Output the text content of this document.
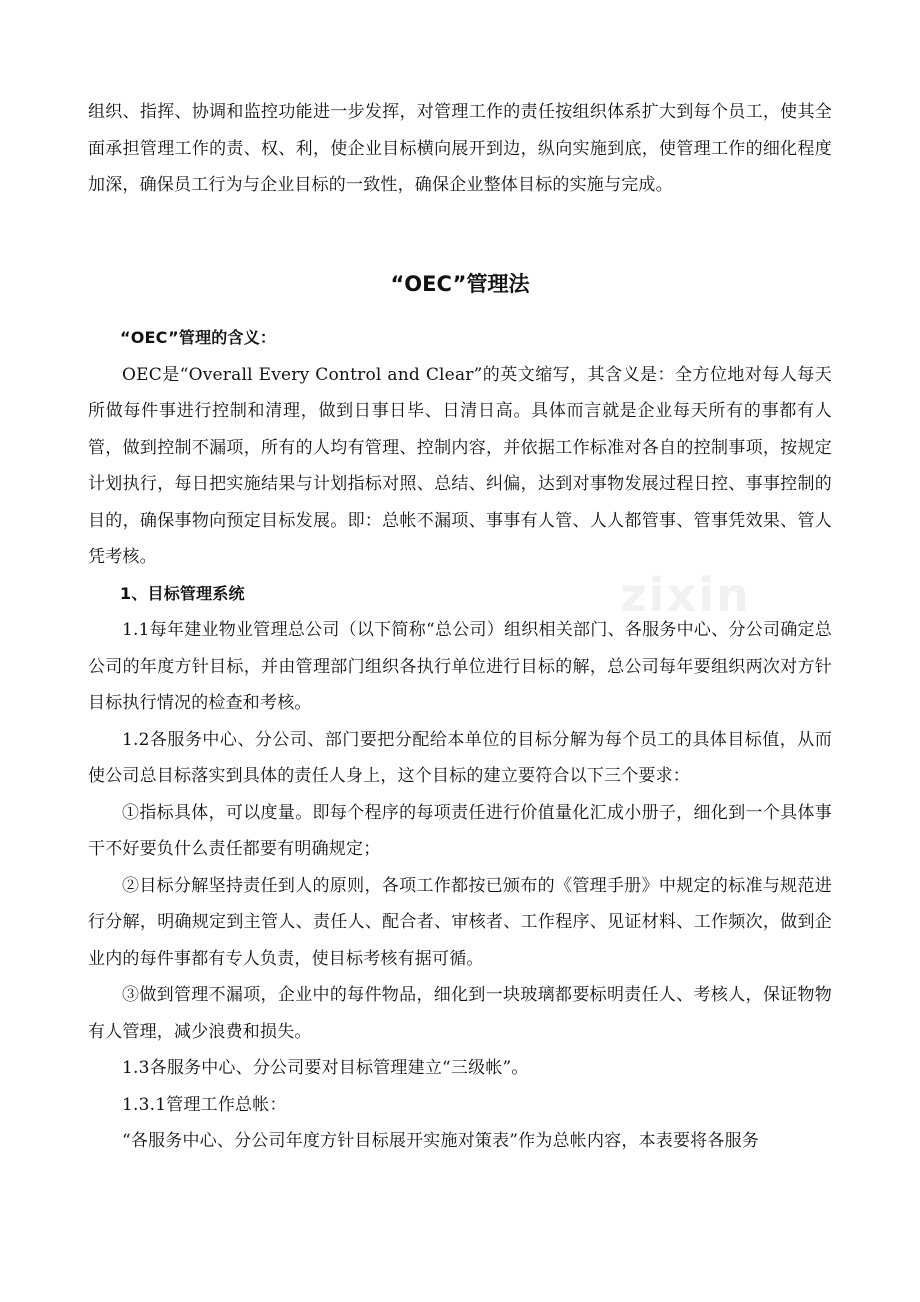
组织、指挥、协调和监控功能进一步发挥，对管理工作的责任按组织体系扩大到每个员工，使其全面承担管理工作的责、权、利，使企业目标横向展开到边，纵向实施到底，使管理工作的细化程度加深，确保员工行为与企业目标的一致性，确保企业整体目标的实施与完成。

“OEC”管理法

“OEC”管理的含义：

OEC是“Overall Every Control and Clear”的英文缩写，其含义是：全方位地对每人每天所做每件事进行控制和清理，做到日事日毕、日清日高。具体而言就是企业每天所有的事都有人管，做到控制不漏项，所有的人均有管理、控制内容，并依据工作标准对各自的控制事项，按规定计划执行，每日把实施结果与计划指标对照、总结、纠偏，达到对事物发展过程日控、事事控制的目的，确保事物向预定目标发展。即：总帐不漏项、事事有人管、人人都管事、管事凭效果、管人凭考核。

1、目标管理系统

1.1每年建业物业管理总公司（以下简称“总公司）组织相关部门、各服务中心、分公司确定总公司的年度方针目标，并由管理部门组织各执行单位进行目标的解，总公司每年要组织两次对方针目标执行情况的检查和考核。

1.2各服务中心、分公司、部门要把分配给本单位的目标分解为每个员工的具体目标值，从而使公司总目标落实到具体的责任人身上，这个目标的建立要符合以下三个要求：

①指标具体，可以度量。即每个程序的每项责任进行价值量化汇成小册子，细化到一个具体事干不好要负什么责任都要有明确规定；

②目标分解坚持责任到人的原则，各项工作都按已颁布的《管理手册》中规定的标准与规范进行分解，明确规定到主管人、责任人、配合者、审核者、工作程序、见证材料、工作频次，做到企业内的每件事都有专人负责，使目标考核有据可循。

③做到管理不漏项，企业中的每件物品，细化到一块玻璃都要标明责任人、考核人，保证物物有人管理，减少浪费和损失。

1.3各服务中心、分公司要对目标管理建立“三级帐”。

1.3.1管理工作总帐：

“各服务中心、分公司年度方针目标展开实施对策表”作为总帐内容，本表要将各服务

zixin
